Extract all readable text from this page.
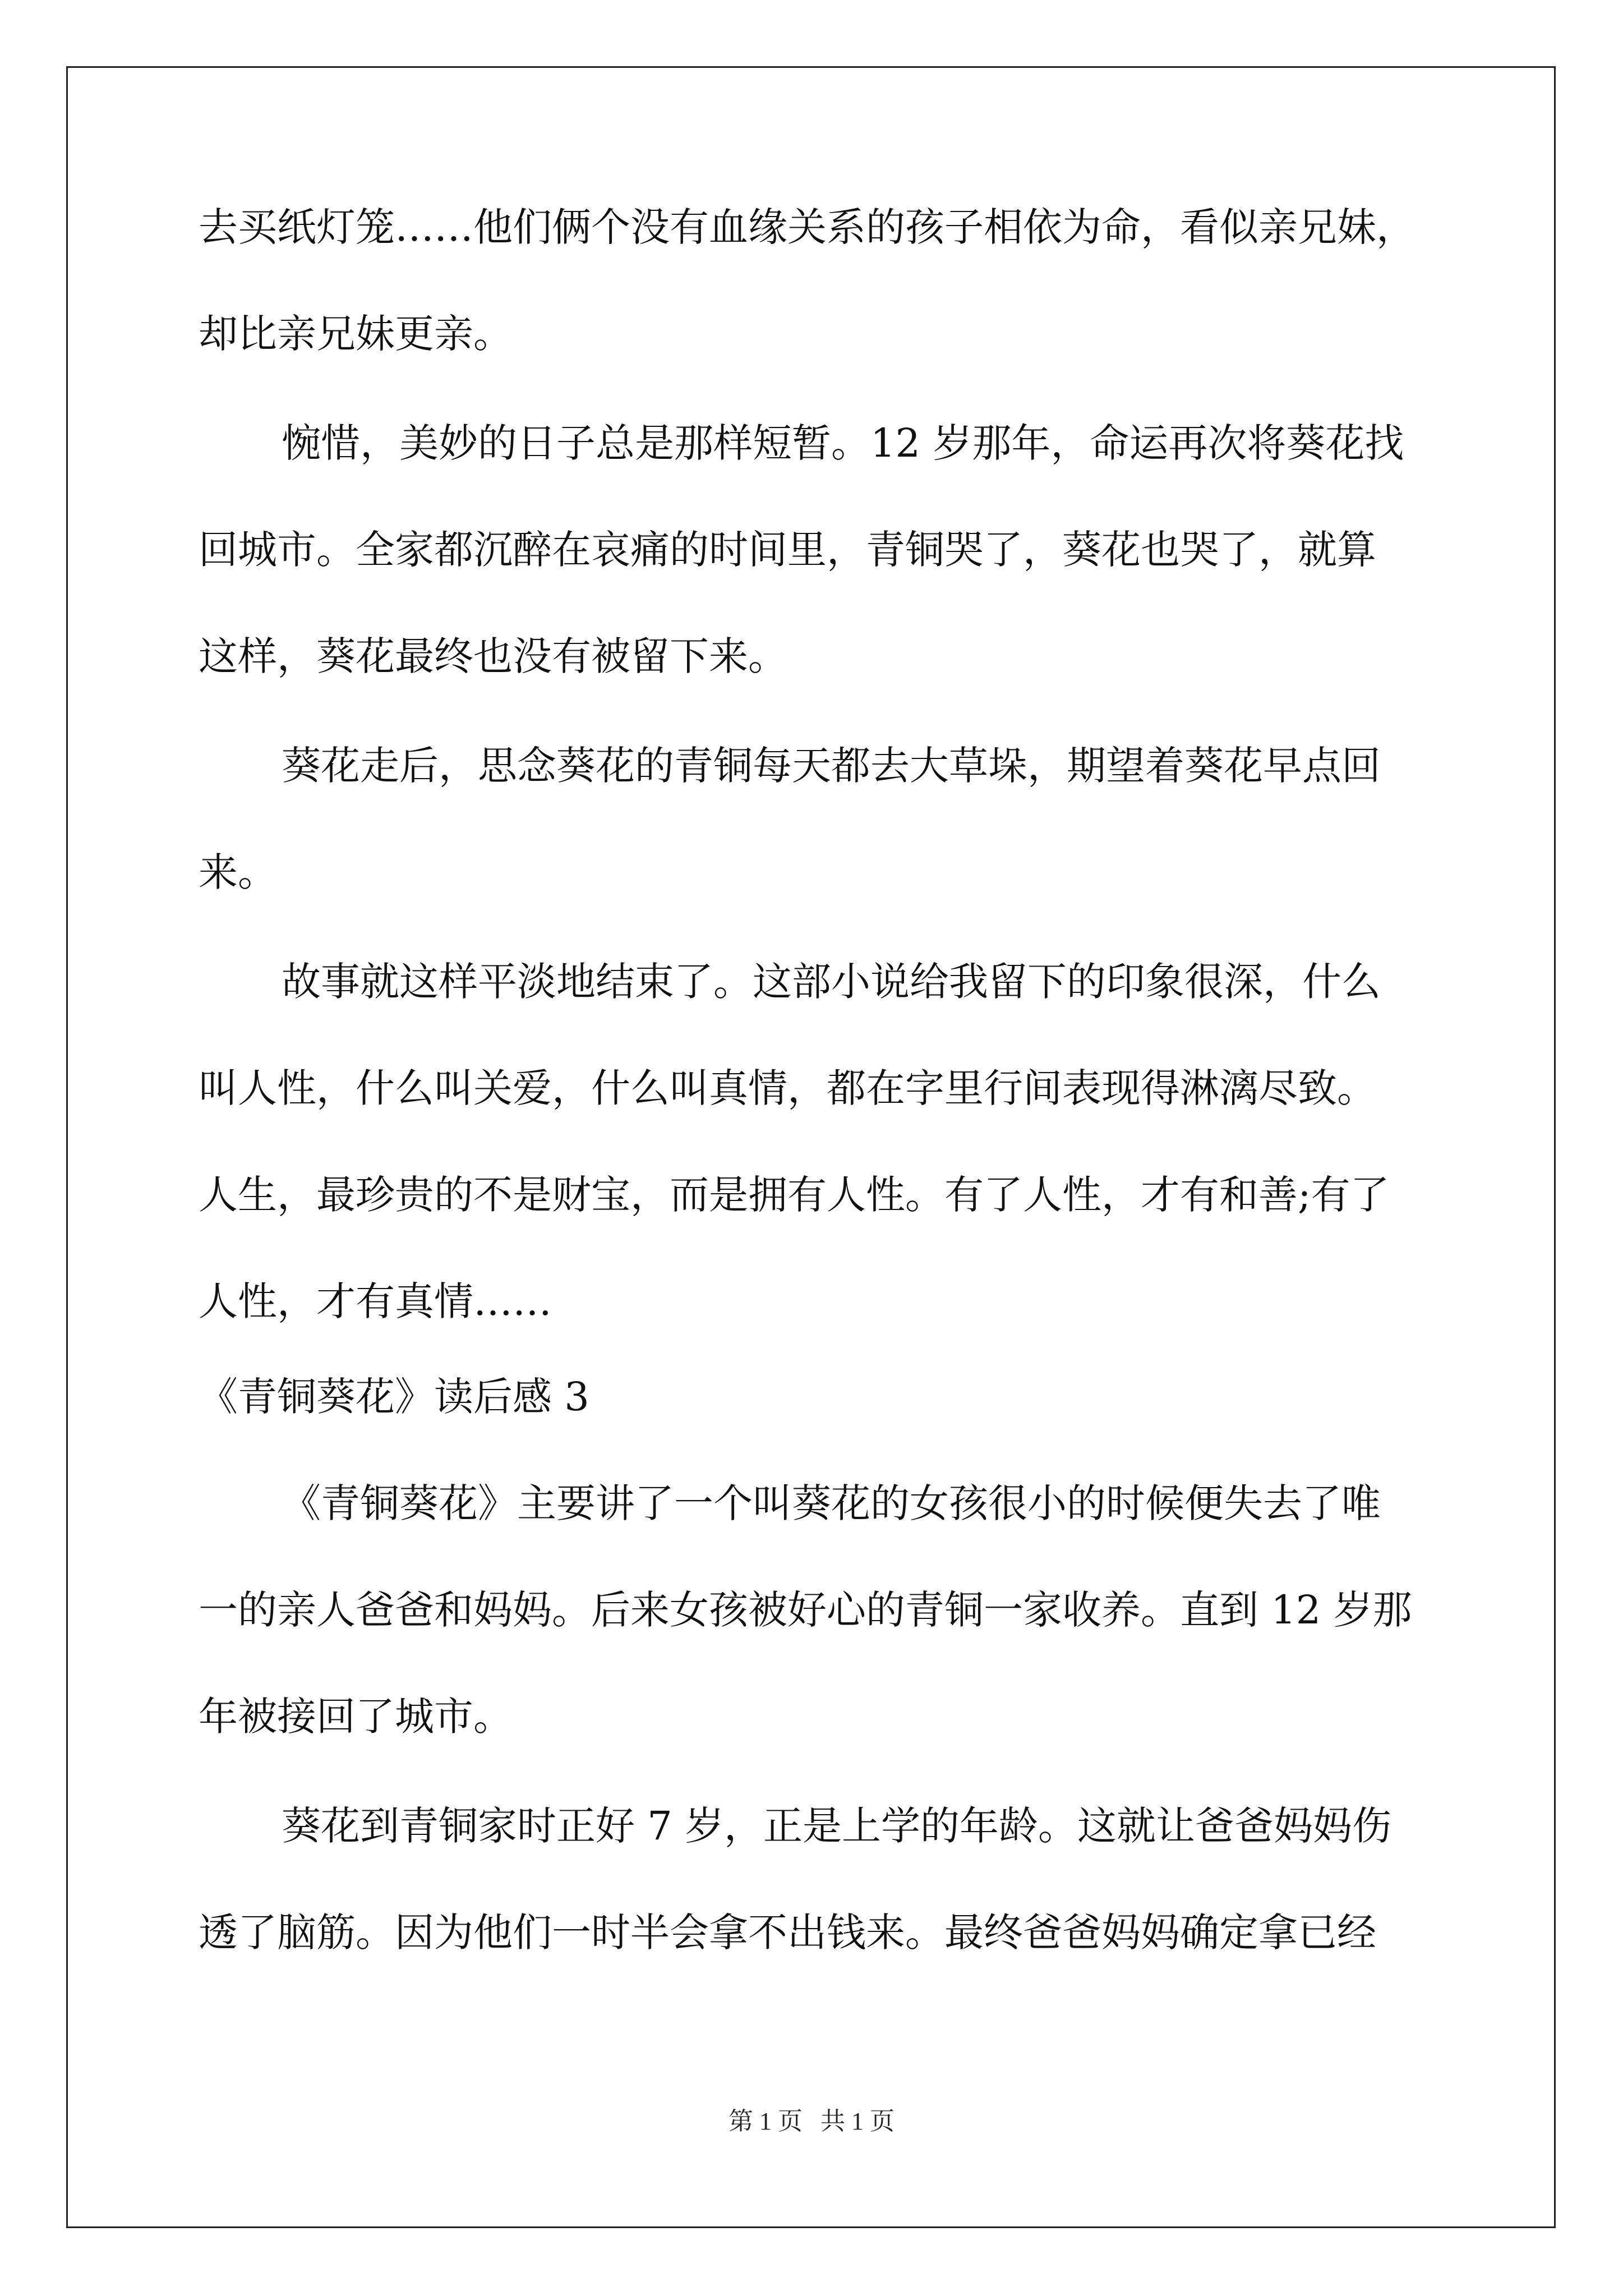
去买纸灯笼……他们俩个没有血缘关系的孩子相依为命，看似亲兄妹，
却比亲兄妹更亲。
惋惜，美妙的日子总是那样短暂。12 岁那年，命运再次将葵花找
回城市。全家都沉醉在哀痛的时间里，青铜哭了，葵花也哭了，就算
这样，葵花最终也没有被留下来。
葵花走后，思念葵花的青铜每天都去大草垛，期望着葵花早点回
来。
故事就这样平淡地结束了。这部小说给我留下的印象很深，什么
叫人性，什么叫关爱，什么叫真情，都在字里行间表现得淋漓尽致。
人生，最珍贵的不是财宝，而是拥有人性。有了人性，才有和善;有了
人性，才有真情……
《青铜葵花》读后感 3
《青铜葵花》主要讲了一个叫葵花的女孩很小的时候便失去了唯
一的亲人爸爸和妈妈。后来女孩被好心的青铜一家收养。直到 12 岁那
年被接回了城市。
葵花到青铜家时正好 7 岁，正是上学的年龄。这就让爸爸妈妈伤
透了脑筋。因为他们一时半会拿不出钱来。最终爸爸妈妈确定拿已经
第 1 页 共 1 页
